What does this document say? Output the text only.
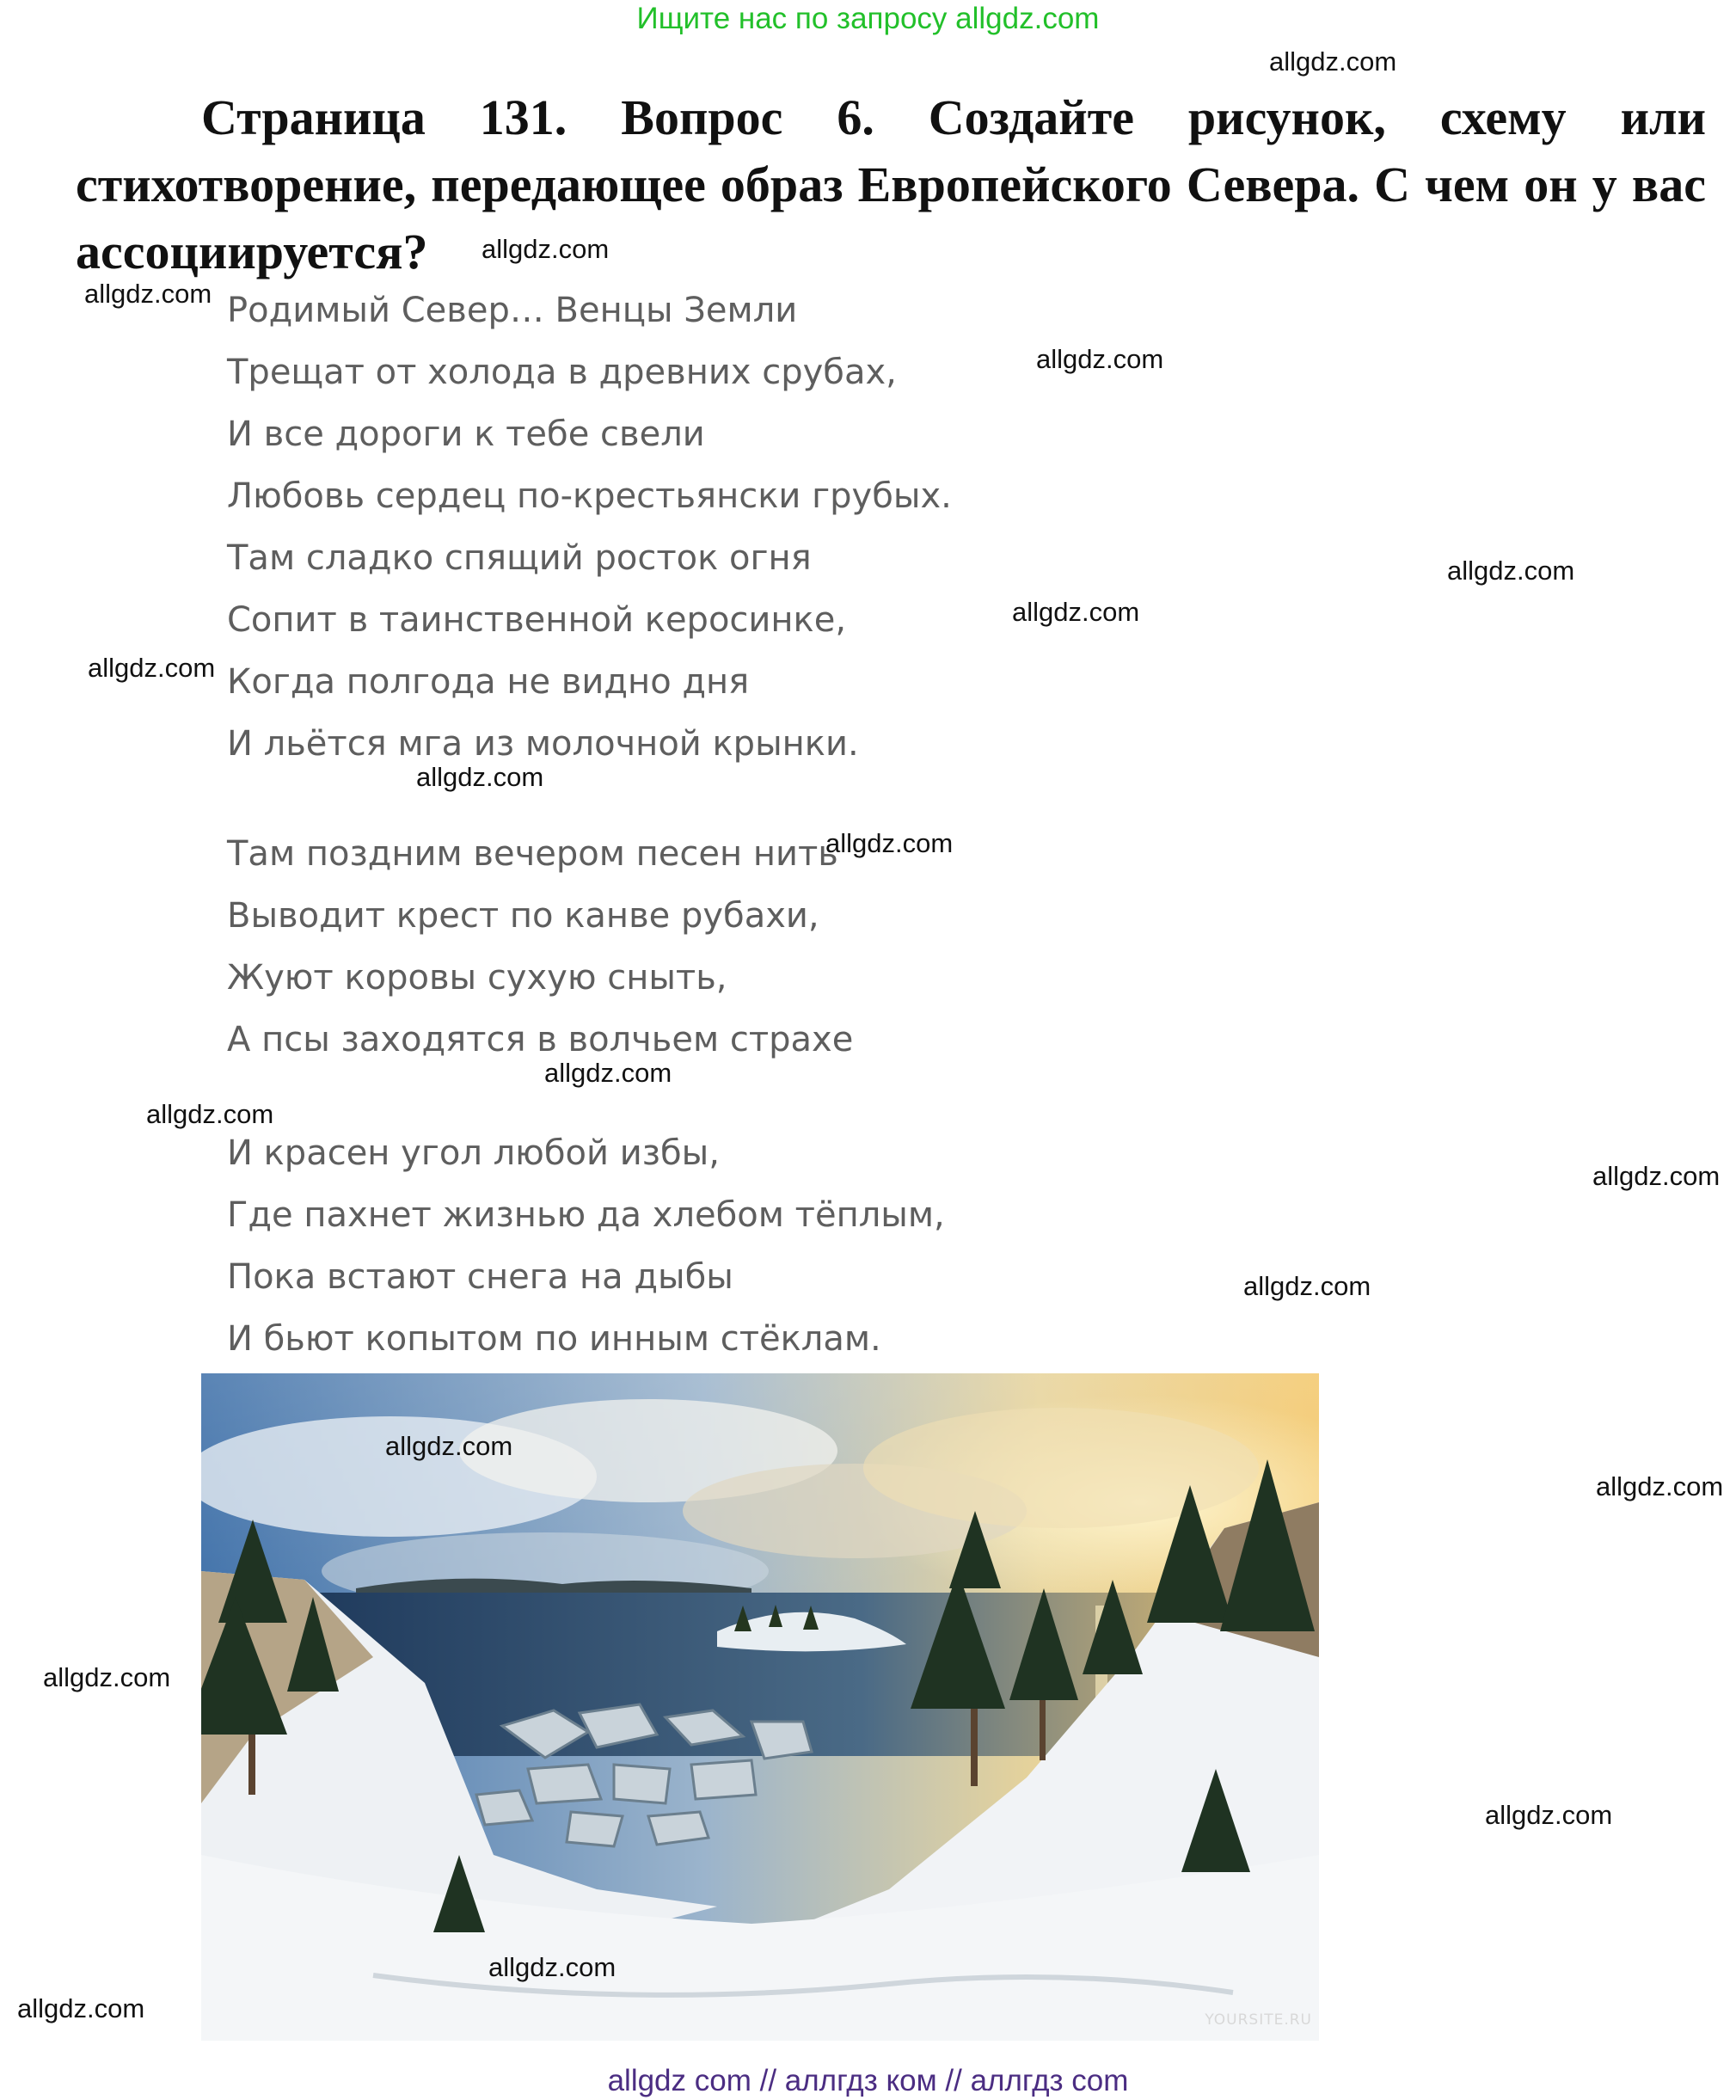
Ищите нас по запросу allgdz.com

Страница 131. Вопрос 6. Создайте рисунок, схему или стихотворение, передающее образ Европейского Севера. С чем он у вас ассоциируется?

Родимый Север… Венцы Земли
Трещат от холода в древних срубах,
И все дороги к тебе свели
Любовь сердец по-крестьянски грубых.
Там сладко спящий росток огня
Сопит в таинственной керосинке,
Когда полгода не видно дня
И льётся мга из молочной крынки.
Там поздним вечером песен нить
Выводит крест по канве рубахи,
Жуют коровы сухую сныть,
А псы заходятся в волчьем страхе
И красен угол любой избы,
Где пахнет жизнью да хлебом тёплым,
Пока встают снега на дыбы
И бьют копытом по инным стёклам.
YOURSITE.RU
allgdz.com
allgdz.com
allgdz.com
allgdz.com
allgdz.com
allgdz.com
allgdz.com
allgdz.com
allgdz.com
allgdz.com
allgdz.com
allgdz.com
allgdz.com
allgdz.com
allgdz.com
allgdz.com
allgdz.com
allgdz.com
allgdz.com
allgdz com // аллгдз ком // аллгдз com
